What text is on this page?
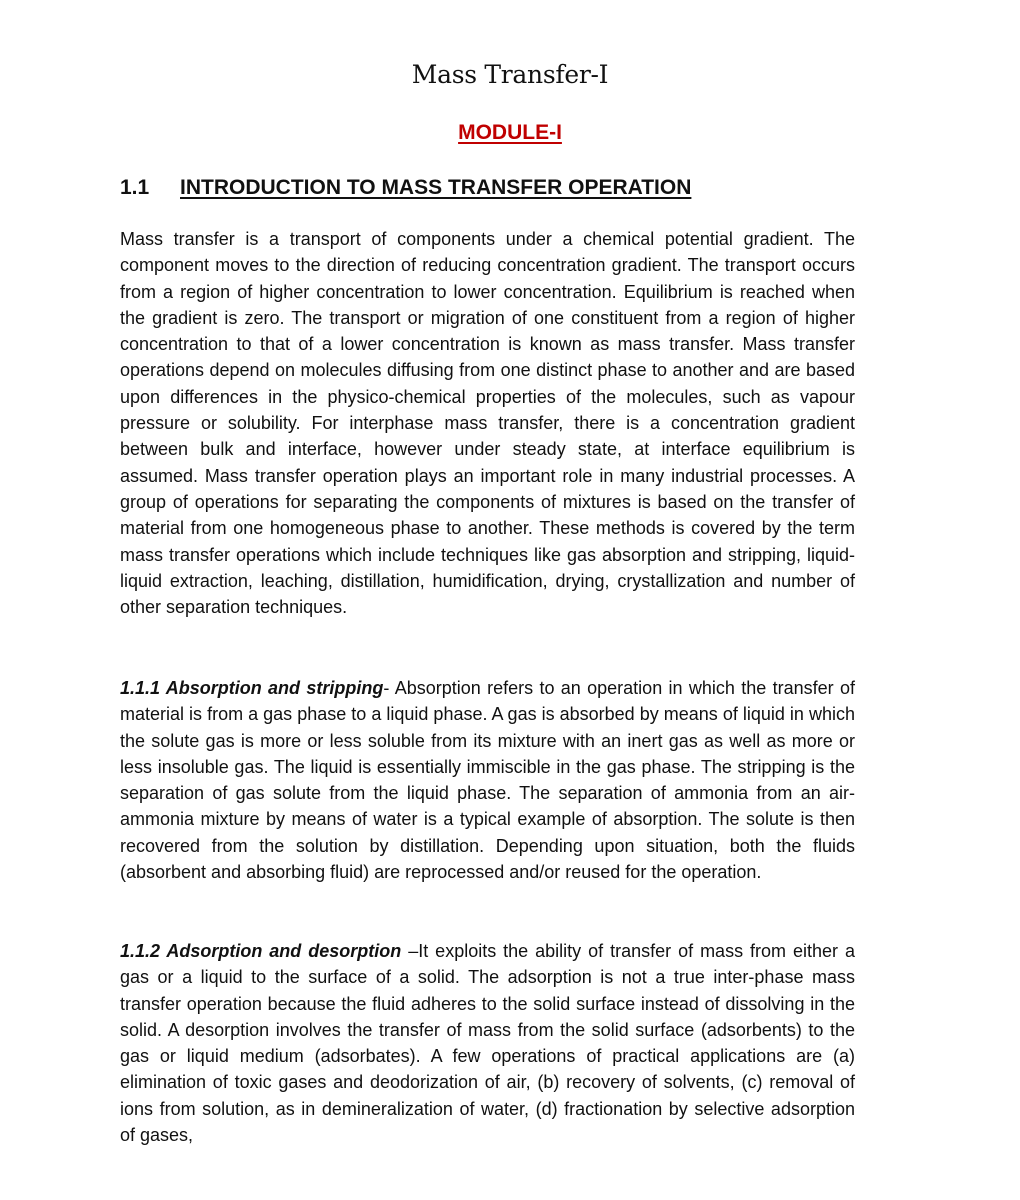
Mass Transfer-I
MODULE-I
1.1 INTRODUCTION TO MASS TRANSFER OPERATION

Mass transfer is a transport of components under a chemical potential gradient. The component moves to the direction of reducing concentration gradient. The transport occurs from a region of higher concentration to lower concentration. Equilibrium is reached when the gradient is zero. The transport or migration of one constituent from a region of higher concentration to that of a lower concentration is known as mass transfer. Mass transfer operations depend on molecules diffusing from one distinct phase to another and are based upon differences in the physico-chemical properties of the molecules, such as vapour pressure or solubility. For interphase mass transfer, there is a concentration gradient between bulk and interface, however under steady state, at interface equilibrium is assumed. Mass transfer operation plays an important role in many industrial processes. A group of operations for separating the components of mixtures is based on the transfer of material from one homogeneous phase to another. These methods is covered by the term mass transfer operations which include techniques like gas absorption and stripping, liquid-liquid extraction, leaching, distillation, humidification, drying, crystallization and number of other separation techniques.

1.1.1 Absorption and stripping- Absorption refers to an operation in which the transfer of material is from a gas phase to a liquid phase. A gas is absorbed by means of liquid in which the solute gas is more or less soluble from its mixture with an inert gas as well as more or less insoluble gas. The liquid is essentially immiscible in the gas phase. The stripping is the separation of gas solute from the liquid phase. The separation of ammonia from an air-ammonia mixture by means of water is a typical example of absorption. The solute is then recovered from the solution by distillation. Depending upon situation, both the fluids (absorbent and absorbing fluid) are reprocessed and/or reused for the operation.

1.1.2 Adsorption and desorption –It exploits the ability of transfer of mass from either a gas or a liquid to the surface of a solid. The adsorption is not a true inter-phase mass transfer operation because the fluid adheres to the solid surface instead of dissolving in the solid. A desorption involves the transfer of mass from the solid surface (adsorbents) to the gas or liquid medium (adsorbates). A few operations of practical applications are (a) elimination of toxic gases and deodorization of air, (b) recovery of solvents, (c) removal of ions from solution, as in demineralization of water, (d) fractionation by selective adsorption of gases,
